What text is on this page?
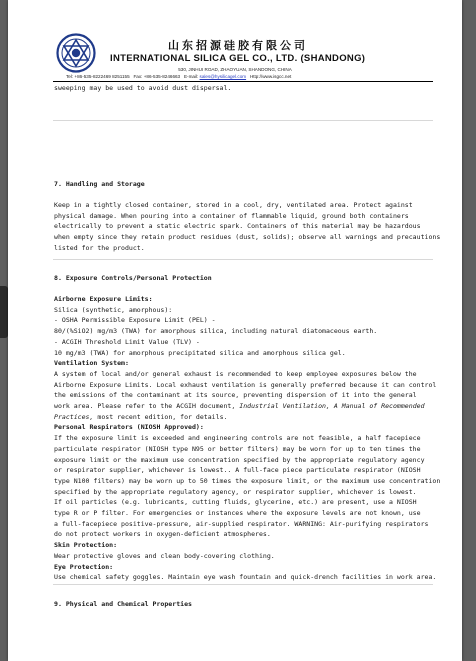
山东招源硅胶有限公司
INTERNATIONAL SILICA GEL CO., LTD. (SHANDONG)
530, JINHUI ROAD, ZHAOYUAN, SHANDONG, CHINA
Tel: +86-535-8222469 8251155 Fax: +86-535-8246663 E-mail: sales@hysilicagel.com Http://www.isgcc.net
sweeping may be used to avoid dust dispersal.
7. Handling and Storage
Keep in a tightly closed container, stored in a cool, dry, ventilated area. Protect against
physical damage. When pouring into a container of flammable liquid, ground both containers
electrically to prevent a static electric spark. Containers of this material may be hazardous
when empty since they retain product residues (dust, solids); observe all warnings and precautions
listed for the product.
8. Exposure Controls/Personal Protection
Airborne Exposure Limits:
Silica (synthetic, amorphous):
- OSHA Permissible Exposure Limit (PEL) -
80/(%SiO2) mg/m3 (TWA) for amorphous silica, including natural diatomaceous earth.
- ACGIH Threshold Limit Value (TLV) -
10 mg/m3 (TWA) for amorphous precipitated silica and amorphous silica gel.
Ventilation System:
A system of local and/or general exhaust is recommended to keep employee exposures below the
Airborne Exposure Limits. Local exhaust ventilation is generally preferred because it can control
the emissions of the contaminant at its source, preventing dispersion of it into the general
work area. Please refer to the ACGIH document, Industrial Ventilation, A Manual of Recommended
Practices, most recent edition, for details.
Personal Respirators (NIOSH Approved):
If the exposure limit is exceeded and engineering controls are not feasible, a half facepiece
particulate respirator (NIOSH type N95 or better filters) may be worn for up to ten times the
exposure limit or the maximum use concentration specified by the appropriate regulatory agency
or respirator supplier, whichever is lowest.. A full-face piece particulate respirator (NIOSH
type N100 filters) may be worn up to 50 times the exposure limit, or the maximum use concentration
specified by the appropriate regulatory agency, or respirator supplier, whichever is lowest.
If oil particles (e.g. lubricants, cutting fluids, glycerine, etc.) are present, use a NIOSH
type R or P filter. For emergencies or instances where the exposure levels are not known, use
a full-facepiece positive-pressure, air-supplied respirator. WARNING: Air-purifying respirators
do not protect workers in oxygen-deficient atmospheres.
Skin Protection:
Wear protective gloves and clean body-covering clothing.
Eye Protection:
Use chemical safety goggles. Maintain eye wash fountain and quick-drench facilities in work area.
9. Physical and Chemical Properties
